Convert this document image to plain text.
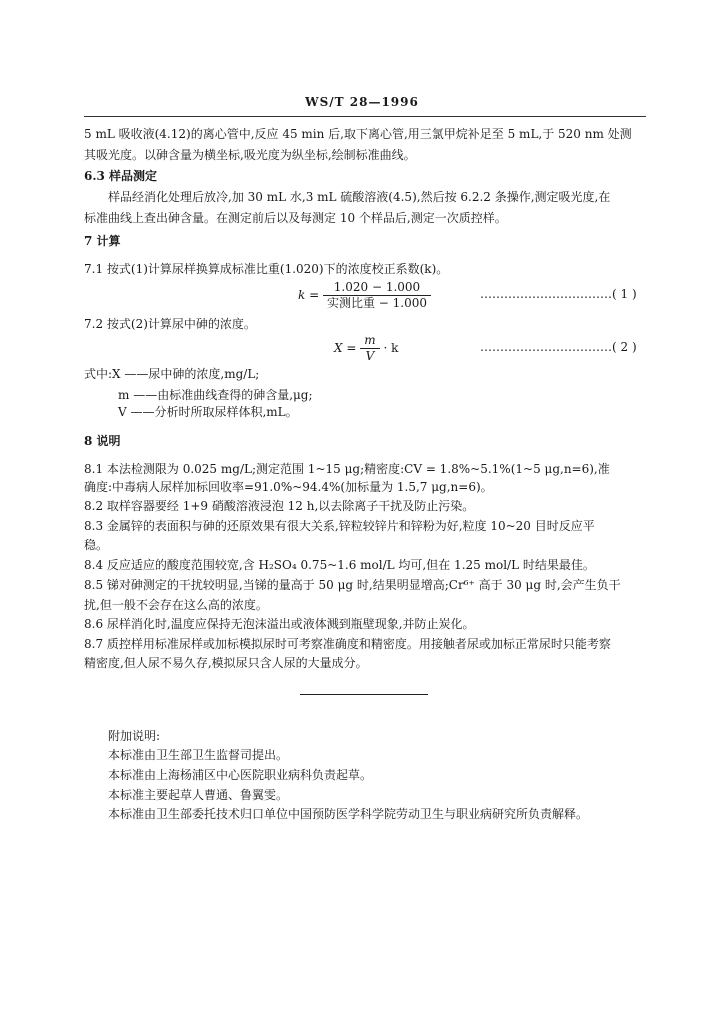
WS/T 28—1996
5 mL 吸收液(4.12)的离心管中,反应 45 min 后,取下离心管,用三氯甲烷补足至 5 mL,于 520 nm 处测
其吸光度。以砷含量为横坐标,吸光度为纵坐标,绘制标准曲线。
6.3 样品测定
样品经消化处理后放冷,加 30 mL 水,3 mL 硫酸溶液(4.5),然后按 6.2.2 条操作,测定吸光度,在
标准曲线上查出砷含量。在测定前后以及每测定 10 个样品后,测定一次质控样。
7 计算
7.1 按式(1)计算尿样换算成标准比重(1.020)下的浓度校正系数(k)。
$k = \frac{1.020 - 1.000}{\text{实测比重 − 1.000}}$	……………………………( 1 )
7.2 按式(2)计算尿中砷的浓度。
$X = \frac{m}{V} \cdot k$	……………………………( 2 )
式中:X ——尿中砷的浓度,mg/L;
m ——由标准曲线查得的砷含量,μg;
V ——分析时所取尿样体积,mL。
8 说明
8.1 本法检测限为 0.025 mg/L;测定范围 1~15 μg;精密度:CV = 1.8%~5.1%(1~5 μg,n=6),准
确度:中毒病人尿样加标回收率=91.0%~94.4%(加标量为 1.5,7 μg,n=6)。
8.2 取样容器要经 1+9 硝酸溶液浸泡 12 h,以去除离子干扰及防止污染。
8.3 金属锌的表面积与砷的还原效果有很大关系,锌粒较锌片和锌粉为好,粒度 10~20 目时反应平
稳。
8.4 反应适应的酸度范围较宽,含 H₂SO₄ 0.75~1.6 mol/L 均可,但在 1.25 mol/L 时结果最佳。
8.5 锑对砷测定的干扰较明显,当锑的量高于 50 μg 时,结果明显增高;Cr⁶⁺ 高于 30 μg 时,会产生负干
扰,但一般不会存在这么高的浓度。
8.6 尿样消化时,温度应保持无泡沫溢出或液体溅到瓶壁现象,并防止炭化。
8.7 质控样用标准尿样或加标模拟尿时可考察准确度和精密度。用接触者尿或加标正常尿时只能考察
精密度,但人尿不易久存,模拟尿只含人尿的大量成分。
附加说明:
本标准由卫生部卫生监督司提出。
本标准由上海杨浦区中心医院职业病科负责起草。
本标准主要起草人曹通、鲁翼雯。
本标准由卫生部委托技术归口单位中国预防医学科学院劳动卫生与职业病研究所负责解释。
